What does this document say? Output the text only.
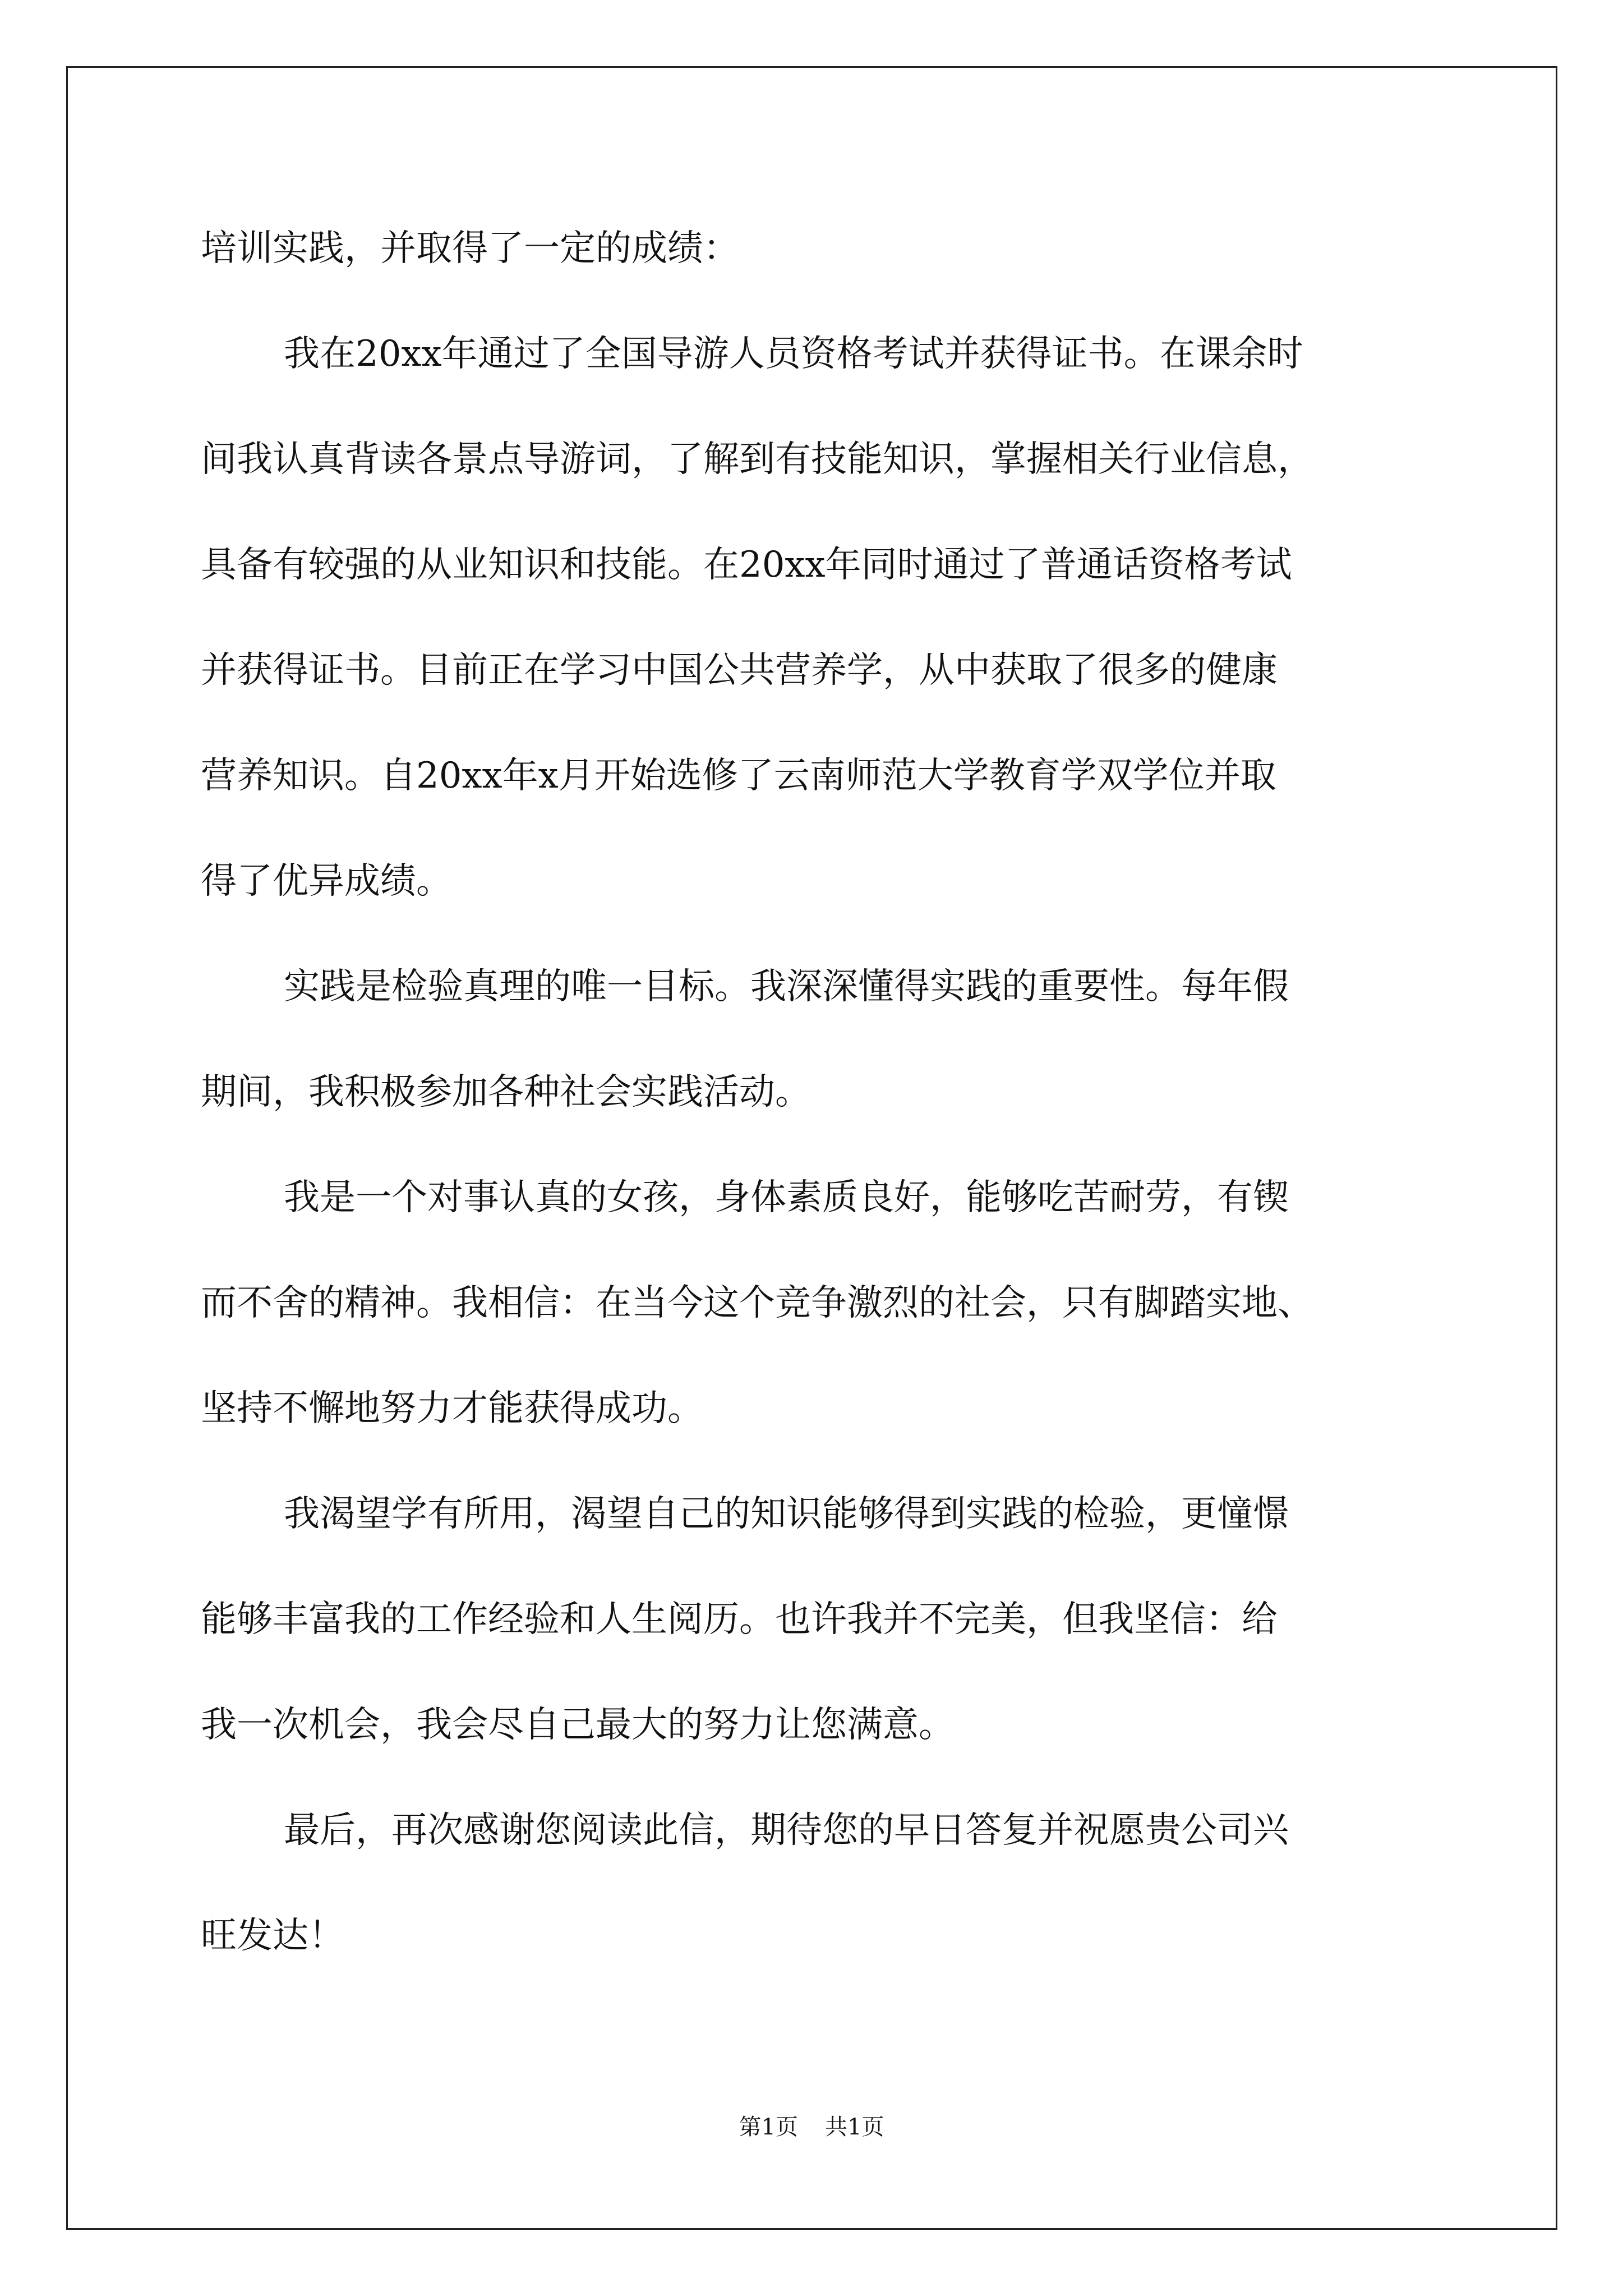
培训实践，并取得了一定的成绩：
我在20xx年通过了全国导游人员资格考试并获得证书。在课余时
间我认真背读各景点导游词，了解到有技能知识，掌握相关行业信息，
具备有较强的从业知识和技能。在20xx年同时通过了普通话资格考试
并获得证书。目前正在学习中国公共营养学，从中获取了很多的健康
营养知识。自20xx年x月开始选修了云南师范大学教育学双学位并取
得了优异成绩。
实践是检验真理的唯一目标。我深深懂得实践的重要性。每年假
期间，我积极参加各种社会实践活动。
我是一个对事认真的女孩，身体素质良好，能够吃苦耐劳，有锲
而不舍的精神。我相信：在当今这个竞争激烈的社会，只有脚踏实地、
坚持不懈地努力才能获得成功。
我渴望学有所用，渴望自己的知识能够得到实践的检验，更憧憬
能够丰富我的工作经验和人生阅历。也许我并不完美，但我坚信：给
我一次机会，我会尽自己最大的努力让您满意。
最后，再次感谢您阅读此信，期待您的早日答复并祝愿贵公司兴
旺发达！
第1页 共1页
